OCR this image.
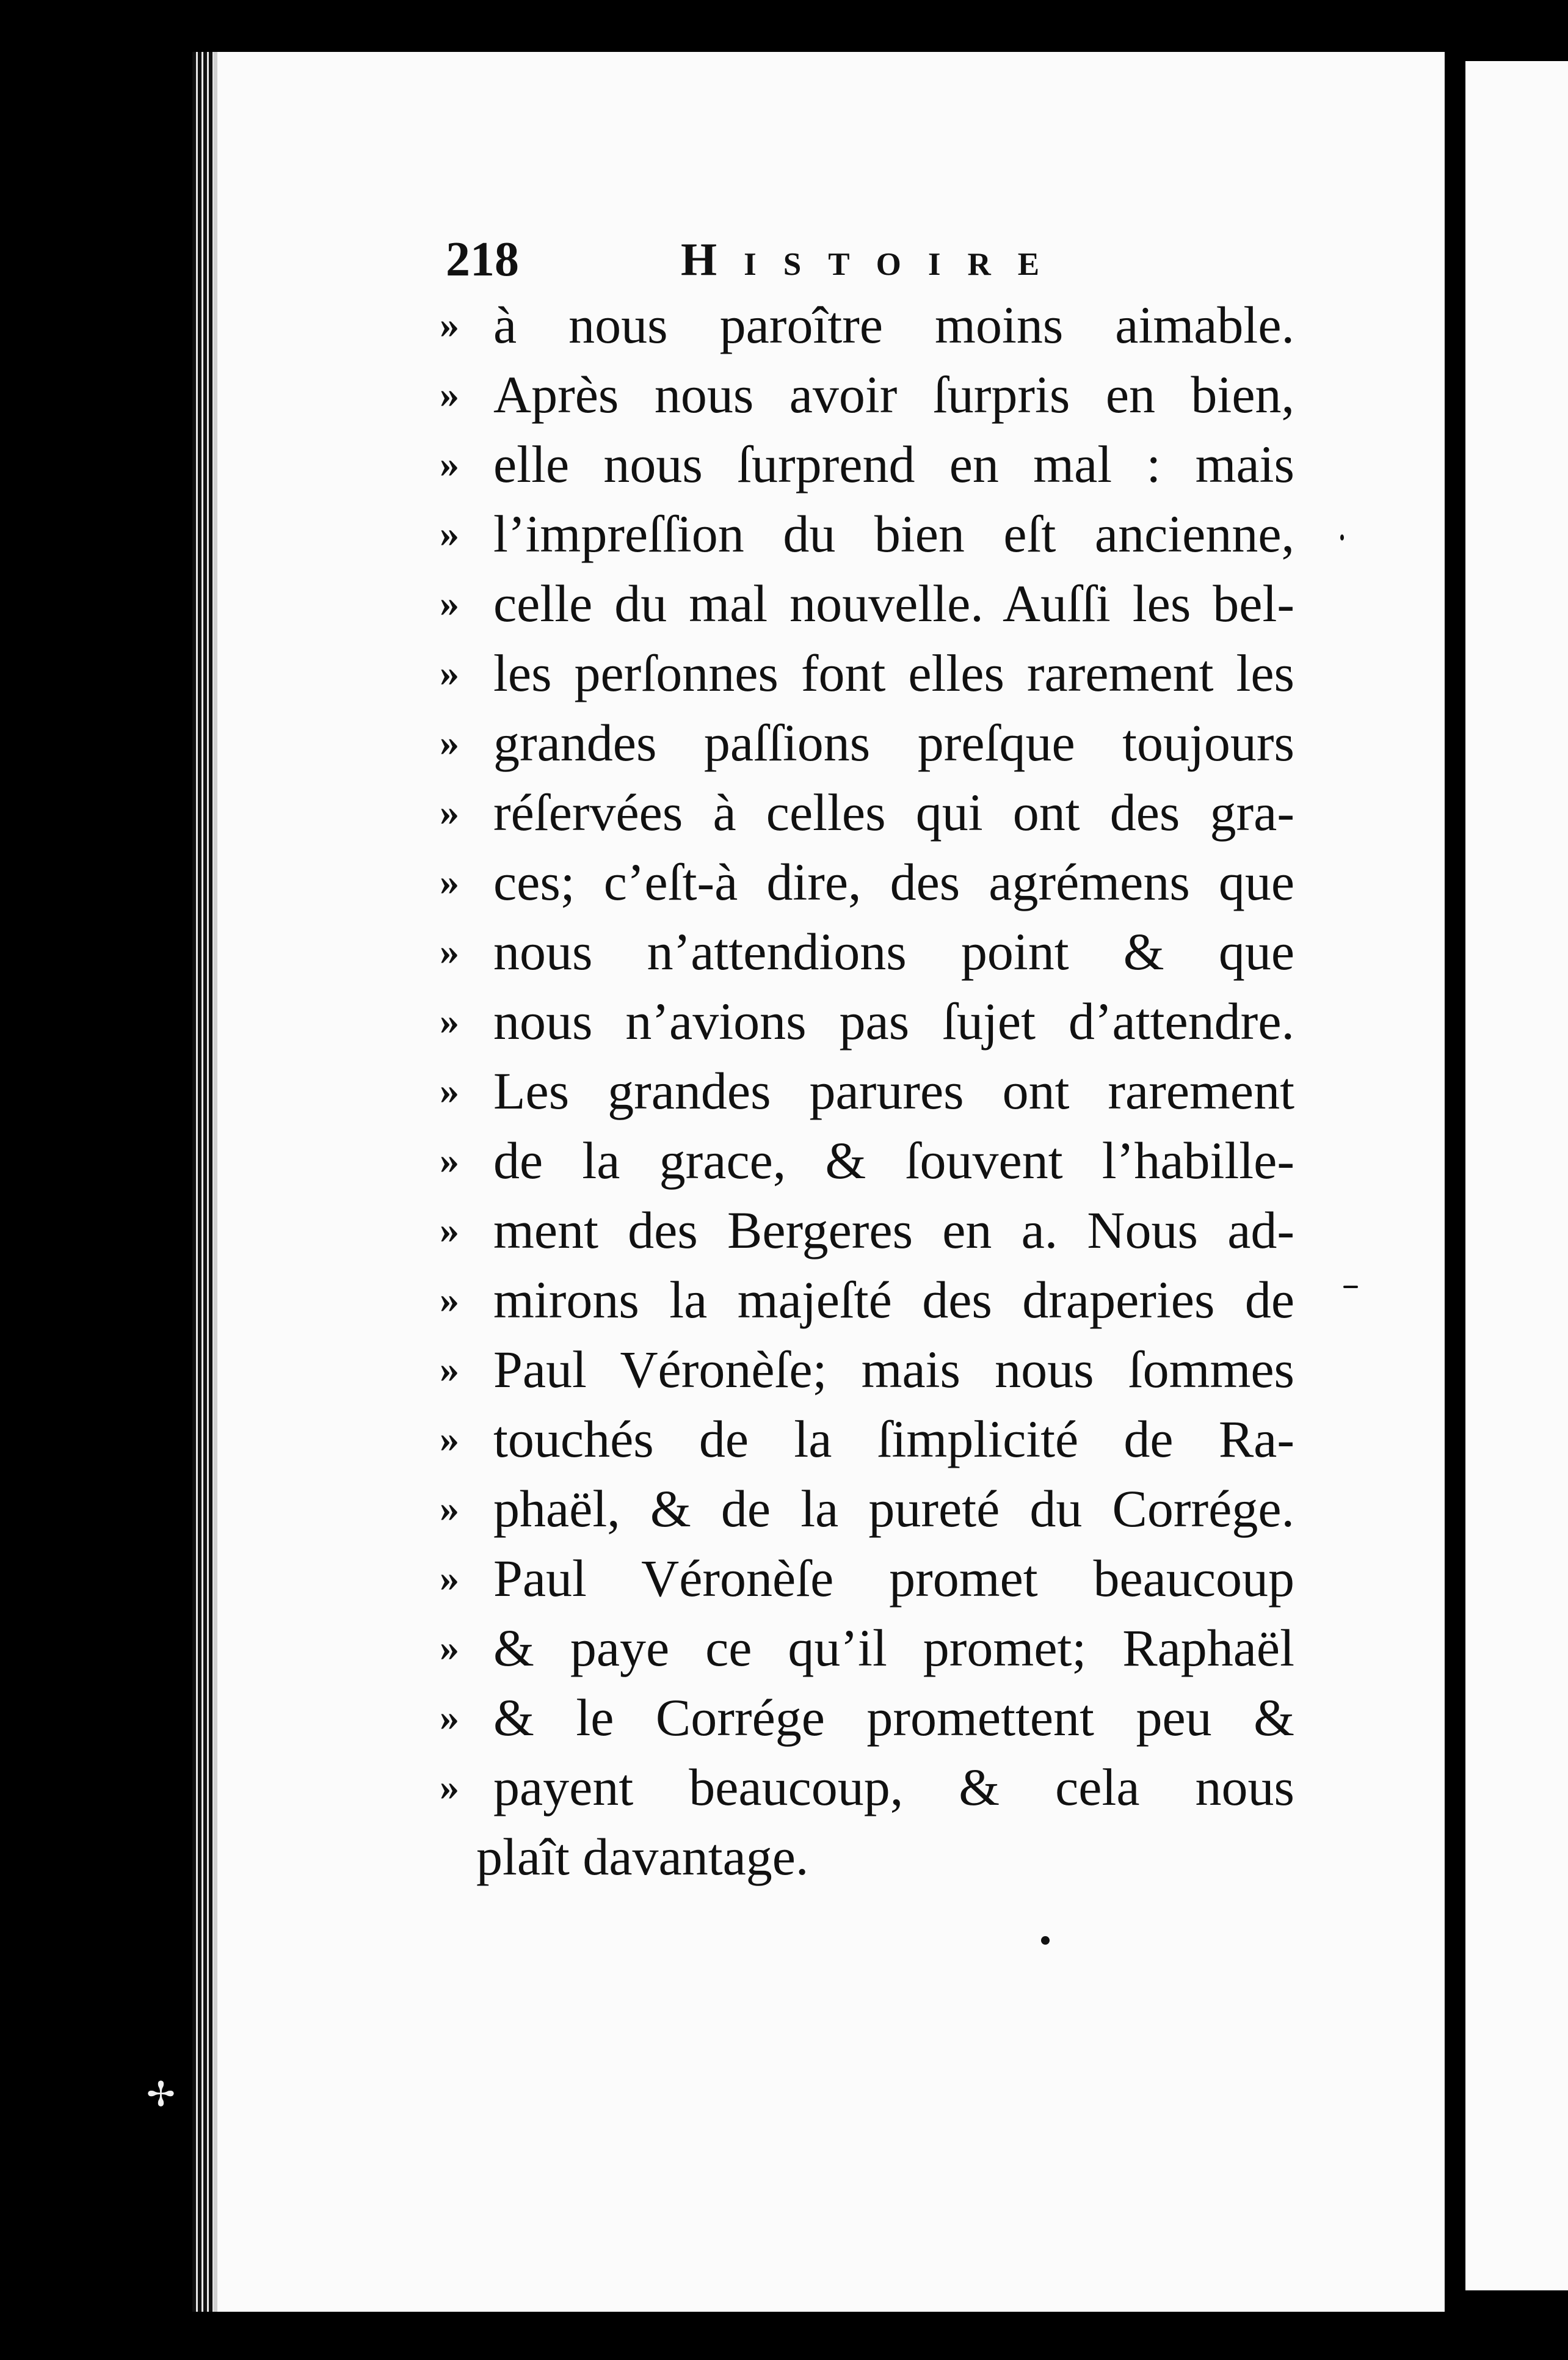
218	Histoire
» à nous paroître moins aimable.
» Après nous avoir ſurpris en bien,
» elle nous ſurprend en mal : mais
» l’impreſſion du bien eſt ancienne,
» celle du mal nouvelle. Auſſi les bel-
» les perſonnes font elles rarement les
» grandes paſſions preſque toujours
» réſervées à celles qui ont des gra-
» ces; c’eſt-à dire, des agrémens que
» nous n’attendions point & que
» nous n’avions pas ſujet d’attendre.
» Les grandes parures ont rarement
» de la grace, & ſouvent l’habille-
» ment des Bergeres en a. Nous ad-
» mirons la majeſté des draperies de
» Paul Véronèſe; mais nous ſommes
» touchés de la ſimplicité de Ra-
» phaël, & de la pureté du Corrége.
» Paul Véronèſe promet beaucoup
» & paye ce qu’il promet; Raphaël
» & le Corrége promettent peu &
» payent beaucoup, & cela nous
plaît davantage.
✢
